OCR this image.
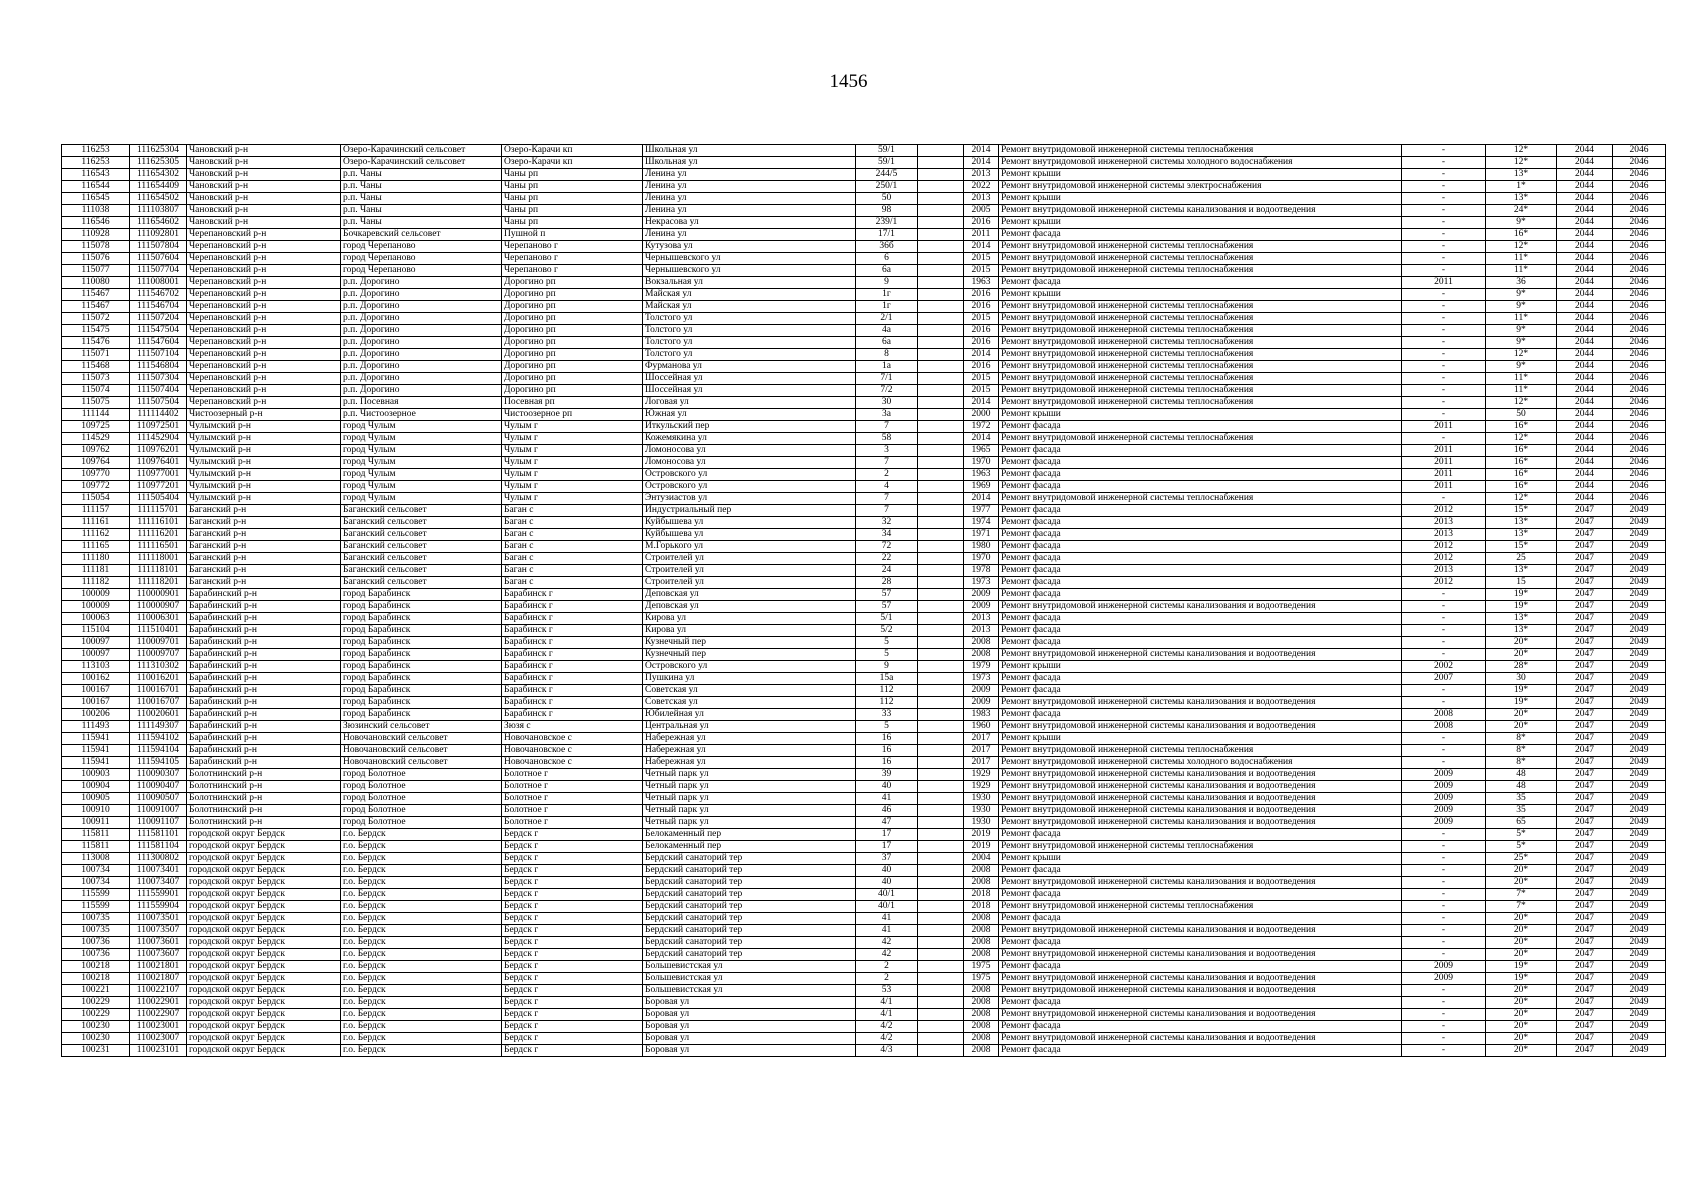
1456
116253	111625304	Чановский р-н	Озеро-Карачинский сельсовет	Озеро-Карачи кп	Школьная ул	59/1		2014	Ремонт внутридомовой инженерной системы теплоснабжения	-	12*	2044	2046
116253	111625305	Чановский р-н	Озеро-Карачинский сельсовет	Озеро-Карачи кп	Школьная ул	59/1		2014	Ремонт внутридомовой инженерной системы холодного водоснабжения	-	12*	2044	2046
116543	111654302	Чановский р-н	р.п. Чаны	Чаны рп	Ленина ул	244/5		2013	Ремонт крыши	-	13*	2044	2046
116544	111654409	Чановский р-н	р.п. Чаны	Чаны рп	Ленина ул	250/1		2022	Ремонт внутридомовой инженерной системы электроснабжения	-	1*	2044	2046
116545	111654502	Чановский р-н	р.п. Чаны	Чаны рп	Ленина ул	50		2013	Ремонт крыши	-	13*	2044	2046
111038	111103807	Чановский р-н	р.п. Чаны	Чаны рп	Ленина ул	98		2005	Ремонт внутридомовой инженерной системы канализования и водоотведения	-	24*	2044	2046
116546	111654602	Чановский р-н	р.п. Чаны	Чаны рп	Некрасова ул	239/1		2016	Ремонт крыши	-	9*	2044	2046
110928	111092801	Черепановский р-н	Бочкаревский сельсовет	Пушной п	Ленина ул	17/1		2011	Ремонт фасада	-	16*	2044	2046
115078	111507804	Черепановский р-н	город Черепаново	Черепаново г	Кутузова ул	36б		2014	Ремонт внутридомовой инженерной системы теплоснабжения	-	12*	2044	2046
115076	111507604	Черепановский р-н	город Черепаново	Черепаново г	Чернышевского ул	6		2015	Ремонт внутридомовой инженерной системы теплоснабжения	-	11*	2044	2046
115077	111507704	Черепановский р-н	город Черепаново	Черепаново г	Чернышевского ул	6а		2015	Ремонт внутридомовой инженерной системы теплоснабжения	-	11*	2044	2046
110080	111008001	Черепановский р-н	р.п. Дорогино	Дорогино рп	Вокзальная ул	9		1963	Ремонт фасада	2011	36	2044	2046
115467	111546702	Черепановский р-н	р.п. Дорогино	Дорогино рп	Майская ул	1г		2016	Ремонт крыши	-	9*	2044	2046
115467	111546704	Черепановский р-н	р.п. Дорогино	Дорогино рп	Майская ул	1г		2016	Ремонт внутридомовой инженерной системы теплоснабжения	-	9*	2044	2046
115072	111507204	Черепановский р-н	р.п. Дорогино	Дорогино рп	Толстого ул	2/1		2015	Ремонт внутридомовой инженерной системы теплоснабжения	-	11*	2044	2046
115475	111547504	Черепановский р-н	р.п. Дорогино	Дорогино рп	Толстого ул	4а		2016	Ремонт внутридомовой инженерной системы теплоснабжения	-	9*	2044	2046
115476	111547604	Черепановский р-н	р.п. Дорогино	Дорогино рп	Толстого ул	6а		2016	Ремонт внутридомовой инженерной системы теплоснабжения	-	9*	2044	2046
115071	111507104	Черепановский р-н	р.п. Дорогино	Дорогино рп	Толстого ул	8		2014	Ремонт внутридомовой инженерной системы теплоснабжения	-	12*	2044	2046
115468	111546804	Черепановский р-н	р.п. Дорогино	Дорогино рп	Фурманова ул	1а		2016	Ремонт внутридомовой инженерной системы теплоснабжения	-	9*	2044	2046
115073	111507304	Черепановский р-н	р.п. Дорогино	Дорогино рп	Шоссейная ул	7/1		2015	Ремонт внутридомовой инженерной системы теплоснабжения	-	11*	2044	2046
115074	111507404	Черепановский р-н	р.п. Дорогино	Дорогино рп	Шоссейная ул	7/2		2015	Ремонт внутридомовой инженерной системы теплоснабжения	-	11*	2044	2046
115075	111507504	Черепановский р-н	р.п. Посевная	Посевная рп	Логовая ул	30		2014	Ремонт внутридомовой инженерной системы теплоснабжения	-	12*	2044	2046
111144	111114402	Чистоозерный р-н	р.п. Чистоозерное	Чистоозерное рп	Южная ул	3а		2000	Ремонт крыши	-	50	2044	2046
109725	110972501	Чулымский р-н	город Чулым	Чулым г	Иткульский пер	7		1972	Ремонт фасада	2011	16*	2044	2046
114529	111452904	Чулымский р-н	город Чулым	Чулым г	Кожемякина ул	58		2014	Ремонт внутридомовой инженерной системы теплоснабжения	-	12*	2044	2046
109762	110976201	Чулымский р-н	город Чулым	Чулым г	Ломоносова ул	3		1965	Ремонт фасада	2011	16*	2044	2046
109764	110976401	Чулымский р-н	город Чулым	Чулым г	Ломоносова ул	7		1970	Ремонт фасада	2011	16*	2044	2046
109770	110977001	Чулымский р-н	город Чулым	Чулым г	Островского ул	2		1963	Ремонт фасада	2011	16*	2044	2046
109772	110977201	Чулымский р-н	город Чулым	Чулым г	Островского ул	4		1969	Ремонт фасада	2011	16*	2044	2046
115054	111505404	Чулымский р-н	город Чулым	Чулым г	Энтузиастов ул	7		2014	Ремонт внутридомовой инженерной системы теплоснабжения	-	12*	2044	2046
111157	111115701	Баганский р-н	Баганский сельсовет	Баган с	Индустриальный пер	7		1977	Ремонт фасада	2012	15*	2047	2049
111161	111116101	Баганский р-н	Баганский сельсовет	Баган с	Куйбышева ул	32		1974	Ремонт фасада	2013	13*	2047	2049
111162	111116201	Баганский р-н	Баганский сельсовет	Баган с	Куйбышева ул	34		1971	Ремонт фасада	2013	13*	2047	2049
111165	111116501	Баганский р-н	Баганский сельсовет	Баган с	М.Горького ул	72		1980	Ремонт фасада	2012	15*	2047	2049
111180	111118001	Баганский р-н	Баганский сельсовет	Баган с	Строителей ул	22		1970	Ремонт фасада	2012	25	2047	2049
111181	111118101	Баганский р-н	Баганский сельсовет	Баган с	Строителей ул	24		1978	Ремонт фасада	2013	13*	2047	2049
111182	111118201	Баганский р-н	Баганский сельсовет	Баган с	Строителей ул	28		1973	Ремонт фасада	2012	15	2047	2049
100009	110000901	Барабинский р-н	город Барабинск	Барабинск г	Деповская ул	57		2009	Ремонт фасада	-	19*	2047	2049
100009	110000907	Барабинский р-н	город Барабинск	Барабинск г	Деповская ул	57		2009	Ремонт внутридомовой инженерной системы канализования и водоотведения	-	19*	2047	2049
100063	110006301	Барабинский р-н	город Барабинск	Барабинск г	Кирова ул	5/1		2013	Ремонт фасада	-	13*	2047	2049
115104	111510401	Барабинский р-н	город Барабинск	Барабинск г	Кирова ул	5/2		2013	Ремонт фасада	-	13*	2047	2049
100097	110009701	Барабинский р-н	город Барабинск	Барабинск г	Кузнечный пер	5		2008	Ремонт фасада	-	20*	2047	2049
100097	110009707	Барабинский р-н	город Барабинск	Барабинск г	Кузнечный пер	5		2008	Ремонт внутридомовой инженерной системы канализования и водоотведения	-	20*	2047	2049
113103	111310302	Барабинский р-н	город Барабинск	Барабинск г	Островского ул	9		1979	Ремонт крыши	2002	28*	2047	2049
100162	110016201	Барабинский р-н	город Барабинск	Барабинск г	Пушкина ул	15а		1973	Ремонт фасада	2007	30	2047	2049
100167	110016701	Барабинский р-н	город Барабинск	Барабинск г	Советская ул	112		2009	Ремонт фасада	-	19*	2047	2049
100167	110016707	Барабинский р-н	город Барабинск	Барабинск г	Советская ул	112		2009	Ремонт внутридомовой инженерной системы канализования и водоотведения	-	19*	2047	2049
100206	110020601	Барабинский р-н	город Барабинск	Барабинск г	Юбилейная ул	33		1983	Ремонт фасада	2008	20*	2047	2049
111493	111149307	Барабинский р-н	Зюзинский сельсовет	Зюзя с	Центральная ул	5		1960	Ремонт внутридомовой инженерной системы канализования и водоотведения	2008	20*	2047	2049
115941	111594102	Барабинский р-н	Новочановский сельсовет	Новочановское с	Набережная ул	16		2017	Ремонт крыши	-	8*	2047	2049
115941	111594104	Барабинский р-н	Новочановский сельсовет	Новочановское с	Набережная ул	16		2017	Ремонт внутридомовой инженерной системы теплоснабжения	-	8*	2047	2049
115941	111594105	Барабинский р-н	Новочановский сельсовет	Новочановское с	Набережная ул	16		2017	Ремонт внутридомовой инженерной системы холодного водоснабжения	-	8*	2047	2049
100903	110090307	Болотнинский р-н	город Болотное	Болотное г	Четный парк ул	39		1929	Ремонт внутридомовой инженерной системы канализования и водоотведения	2009	48	2047	2049
100904	110090407	Болотнинский р-н	город Болотное	Болотное г	Четный парк ул	40		1929	Ремонт внутридомовой инженерной системы канализования и водоотведения	2009	48	2047	2049
100905	110090507	Болотнинский р-н	город Болотное	Болотное г	Четный парк ул	41		1930	Ремонт внутридомовой инженерной системы канализования и водоотведения	2009	35	2047	2049
100910	110091007	Болотнинский р-н	город Болотное	Болотное г	Четный парк ул	46		1930	Ремонт внутридомовой инженерной системы канализования и водоотведения	2009	35	2047	2049
100911	110091107	Болотнинский р-н	город Болотное	Болотное г	Четный парк ул	47		1930	Ремонт внутридомовой инженерной системы канализования и водоотведения	2009	65	2047	2049
115811	111581101	городской округ Бердск	г.о. Бердск	Бердск г	Белокаменный пер	17		2019	Ремонт фасада	-	5*	2047	2049
115811	111581104	городской округ Бердск	г.о. Бердск	Бердск г	Белокаменный пер	17		2019	Ремонт внутридомовой инженерной системы теплоснабжения	-	5*	2047	2049
113008	111300802	городской округ Бердск	г.о. Бердск	Бердск г	Бердский санаторий тер	37		2004	Ремонт крыши	-	25*	2047	2049
100734	110073401	городской округ Бердск	г.о. Бердск	Бердск г	Бердский санаторий тер	40		2008	Ремонт фасада	-	20*	2047	2049
100734	110073407	городской округ Бердск	г.о. Бердск	Бердск г	Бердский санаторий тер	40		2008	Ремонт внутридомовой инженерной системы канализования и водоотведения	-	20*	2047	2049
115599	111559901	городской округ Бердск	г.о. Бердск	Бердск г	Бердский санаторий тер	40/1		2018	Ремонт фасада	-	7*	2047	2049
115599	111559904	городской округ Бердск	г.о. Бердск	Бердск г	Бердский санаторий тер	40/1		2018	Ремонт внутридомовой инженерной системы теплоснабжения	-	7*	2047	2049
100735	110073501	городской округ Бердск	г.о. Бердск	Бердск г	Бердский санаторий тер	41		2008	Ремонт фасада	-	20*	2047	2049
100735	110073507	городской округ Бердск	г.о. Бердск	Бердск г	Бердский санаторий тер	41		2008	Ремонт внутридомовой инженерной системы канализования и водоотведения	-	20*	2047	2049
100736	110073601	городской округ Бердск	г.о. Бердск	Бердск г	Бердский санаторий тер	42		2008	Ремонт фасада	-	20*	2047	2049
100736	110073607	городской округ Бердск	г.о. Бердск	Бердск г	Бердский санаторий тер	42		2008	Ремонт внутридомовой инженерной системы канализования и водоотведения	-	20*	2047	2049
100218	110021801	городской округ Бердск	г.о. Бердск	Бердск г	Большевистская ул	2		1975	Ремонт фасада	2009	19*	2047	2049
100218	110021807	городской округ Бердск	г.о. Бердск	Бердск г	Большевистская ул	2		1975	Ремонт внутридомовой инженерной системы канализования и водоотведения	2009	19*	2047	2049
100221	110022107	городской округ Бердск	г.о. Бердск	Бердск г	Большевистская ул	53		2008	Ремонт внутридомовой инженерной системы канализования и водоотведения	-	20*	2047	2049
100229	110022901	городской округ Бердск	г.о. Бердск	Бердск г	Боровая ул	4/1		2008	Ремонт фасада	-	20*	2047	2049
100229	110022907	городской округ Бердск	г.о. Бердск	Бердск г	Боровая ул	4/1		2008	Ремонт внутридомовой инженерной системы канализования и водоотведения	-	20*	2047	2049
100230	110023001	городской округ Бердск	г.о. Бердск	Бердск г	Боровая ул	4/2		2008	Ремонт фасада	-	20*	2047	2049
100230	110023007	городской округ Бердск	г.о. Бердск	Бердск г	Боровая ул	4/2		2008	Ремонт внутридомовой инженерной системы канализования и водоотведения	-	20*	2047	2049
100231	110023101	городской округ Бердск	г.о. Бердск	Бердск г	Боровая ул	4/3		2008	Ремонт фасада	-	20*	2047	2049
